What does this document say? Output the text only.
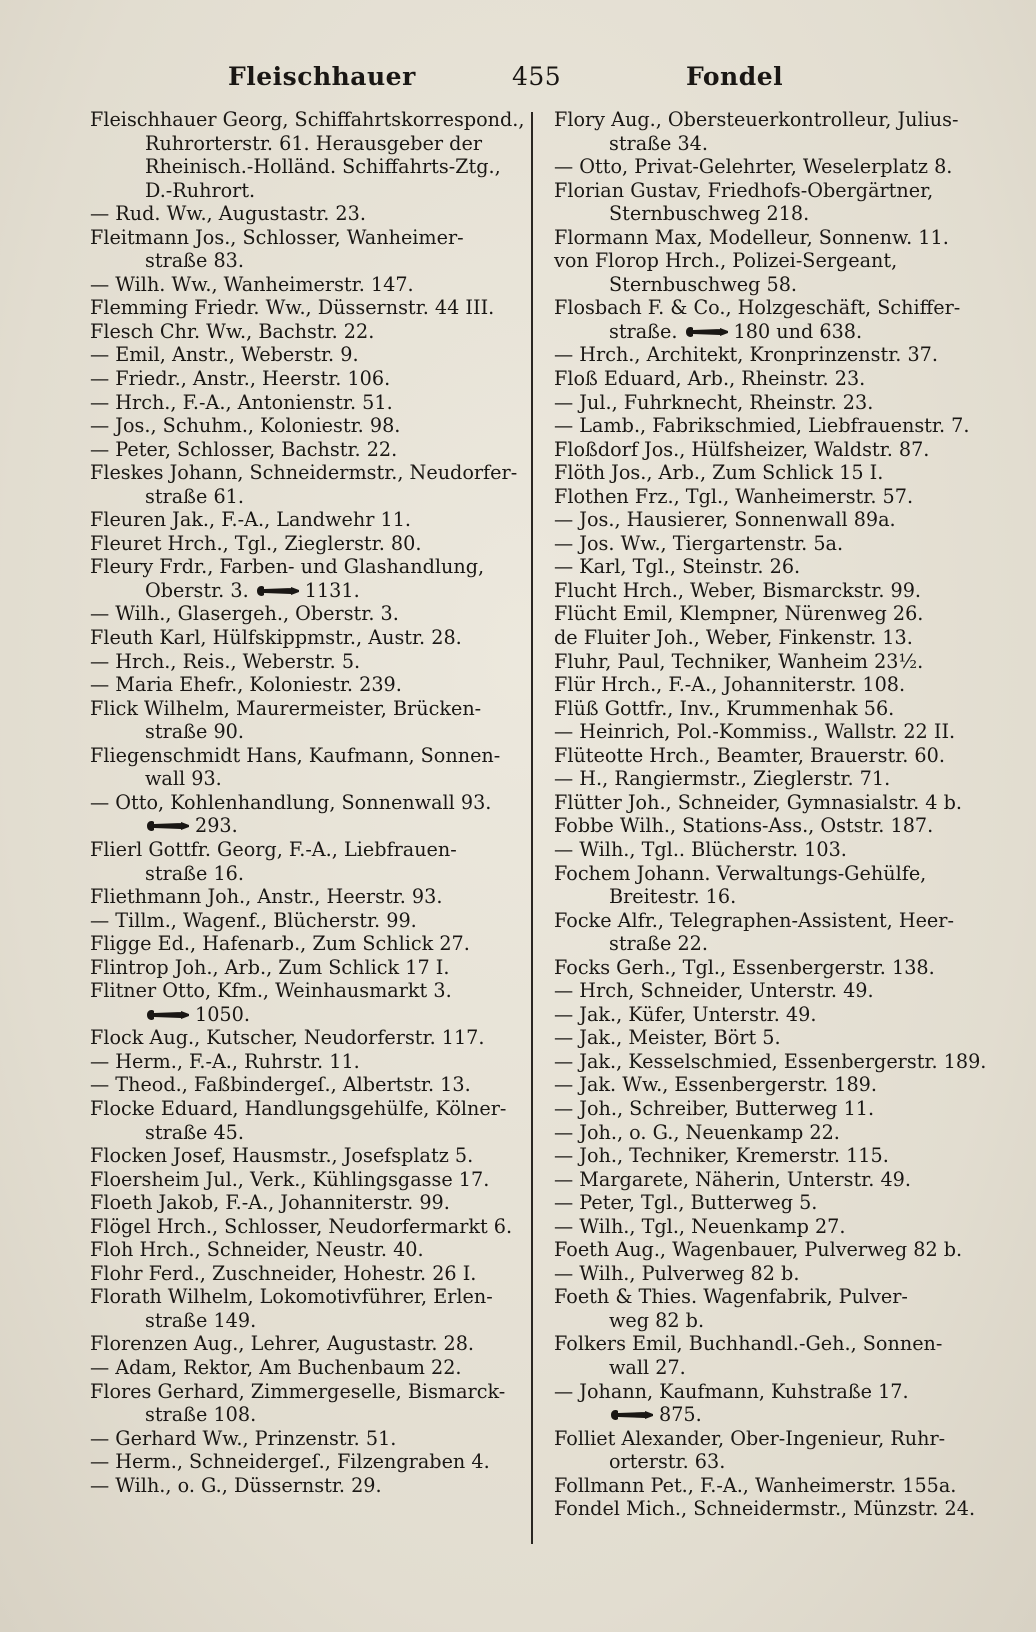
Fleischhauer	455	Fondel
Fleischhauer Georg, Schiffahrtskorrespond.,
Ruhrorterstr. 61. Herausgeber der
Rheinisch.-Holländ. Schiffahrts-Ztg.,
D.-Ruhrort.
— Rud. Ww., Augustastr. 23.
Fleitmann Jos., Schlosser, Wanheimer-
straße 83.
— Wilh. Ww., Wanheimerstr. 147.
Flemming Friedr. Ww., Düssernstr. 44 III.
Flesch Chr. Ww., Bachstr. 22.
— Emil, Anstr., Weberstr. 9.
— Friedr., Anstr., Heerstr. 106.
— Hrch., F.-A., Antonienstr. 51.
— Jos., Schuhm., Koloniestr. 98.
— Peter, Schlosser, Bachstr. 22.
Fleskes Johann, Schneidermstr., Neudorfer-
straße 61.
Fleuren Jak., F.-A., Landwehr 11.
Fleuret Hrch., Tgl., Zieglerstr. 80.
Fleury Frdr., Farben- und Glashandlung,
Oberstr. 3.	1131.
— Wilh., Glasergeh., Oberstr. 3.
Fleuth Karl, Hülfskippmstr., Austr. 28.
— Hrch., Reis., Weberstr. 5.
— Maria Ehefr., Koloniestr. 239.
Flick Wilhelm, Maurermeister, Brücken-
straße 90.
Fliegenschmidt Hans, Kaufmann, Sonnen-
wall 93.
— Otto, Kohlenhandlung, Sonnenwall 93.
293.
Flierl Gottfr. Georg, F.-A., Liebfrauen-
straße 16.
Fliethmann Joh., Anstr., Heerstr. 93.
— Tillm., Wagenf., Blücherstr. 99.
Fligge Ed., Hafenarb., Zum Schlick 27.
Flintrop Joh., Arb., Zum Schlick 17 I.
Flitner Otto, Kfm., Weinhausmarkt 3.
1050.
Flock Aug., Kutscher, Neudorferstr. 117.
— Herm., F.-A., Ruhrstr. 11.
— Theod., Faßbindergeſ., Albertstr. 13.
Flocke Eduard, Handlungsgehülfe, Kölner-
straße 45.
Flocken Josef, Hausmstr., Josefsplatz 5.
Floersheim Jul., Verk., Kühlingsgasse 17.
Floeth Jakob, F.-A., Johanniterstr. 99.
Flögel Hrch., Schlosser, Neudorfermarkt 6.
Floh Hrch., Schneider, Neustr. 40.
Flohr Ferd., Zuschneider, Hohestr. 26 I.
Florath Wilhelm, Lokomotivführer, Erlen-
straße 149.
Florenzen Aug., Lehrer, Augustastr. 28.
— Adam, Rektor, Am Buchenbaum 22.
Flores Gerhard, Zimmergeselle, Bismarck-
straße 108.
— Gerhard Ww., Prinzenstr. 51.
— Herm., Schneidergeſ., Filzengraben 4.
— Wilh., o. G., Düssernstr. 29.
Flory Aug., Obersteuerkontrolleur, Julius-
straße 34.
— Otto, Privat-Gelehrter, Weselerplatz 8.
Florian Gustav, Friedhofs-Obergärtner,
Sternbuschweg 218.
Flormann Max, Modelleur, Sonnenw. 11.
von Florop Hrch., Polizei-Sergeant,
Sternbuschweg 58.
Flosbach F. & Co., Holzgeschäft, Schiffer-
straße.	180 und 638.
— Hrch., Architekt, Kronprinzenstr. 37.
Floß Eduard, Arb., Rheinstr. 23.
— Jul., Fuhrknecht, Rheinstr. 23.
— Lamb., Fabrikschmied, Liebfrauenstr. 7.
Floßdorf Jos., Hülfsheizer, Waldstr. 87.
Flöth Jos., Arb., Zum Schlick 15 I.
Flothen Frz., Tgl., Wanheimerstr. 57.
— Jos., Hausierer, Sonnenwall 89a.
— Jos. Ww., Tiergartenstr. 5a.
— Karl, Tgl., Steinstr. 26.
Flucht Hrch., Weber, Bismarckstr. 99.
Flücht Emil, Klempner, Nürenweg 26.
de Fluiter Joh., Weber, Finkenstr. 13.
Fluhr, Paul, Techniker, Wanheim 23½.
Flür Hrch., F.-A., Johanniterstr. 108.
Flüß Gottfr., Inv., Krummenhak 56.
— Heinrich, Pol.-Kommiss., Wallstr. 22 II.
Flüteotte Hrch., Beamter, Brauerstr. 60.
— H., Rangiermstr., Zieglerstr. 71.
Flütter Joh., Schneider, Gymnasialstr. 4 b.
Fobbe Wilh., Stations-Ass., Oststr. 187.
— Wilh., Tgl.. Blücherstr. 103.
Fochem Johann. Verwaltungs-Gehülfe,
Breitestr. 16.
Focke Alfr., Telegraphen-Assistent, Heer-
straße 22.
Focks Gerh., Tgl., Essenbergerstr. 138.
— Hrch, Schneider, Unterstr. 49.
— Jak., Küfer, Unterstr. 49.
— Jak., Meister, Bört 5.
— Jak., Kesselschmied, Essenbergerstr. 189.
— Jak. Ww., Essenbergerstr. 189.
— Joh., Schreiber, Butterweg 11.
— Joh., o. G., Neuenkamp 22.
— Joh., Techniker, Kremerstr. 115.
— Margarete, Näherin, Unterstr. 49.
— Peter, Tgl., Butterweg 5.
— Wilh., Tgl., Neuenkamp 27.
Foeth Aug., Wagenbauer, Pulverweg 82 b.
— Wilh., Pulverweg 82 b.
Foeth & Thies. Wagenfabrik, Pulver-
weg 82 b.
Folkers Emil, Buchhandl.-Geh., Sonnen-
wall 27.
— Johann, Kaufmann, Kuhstraße 17.
875.
Folliet Alexander, Ober-Ingenieur, Ruhr-
orterstr. 63.
Follmann Pet., F.-A., Wanheimerstr. 155a.
Fondel Mich., Schneidermstr., Münzstr. 24.
